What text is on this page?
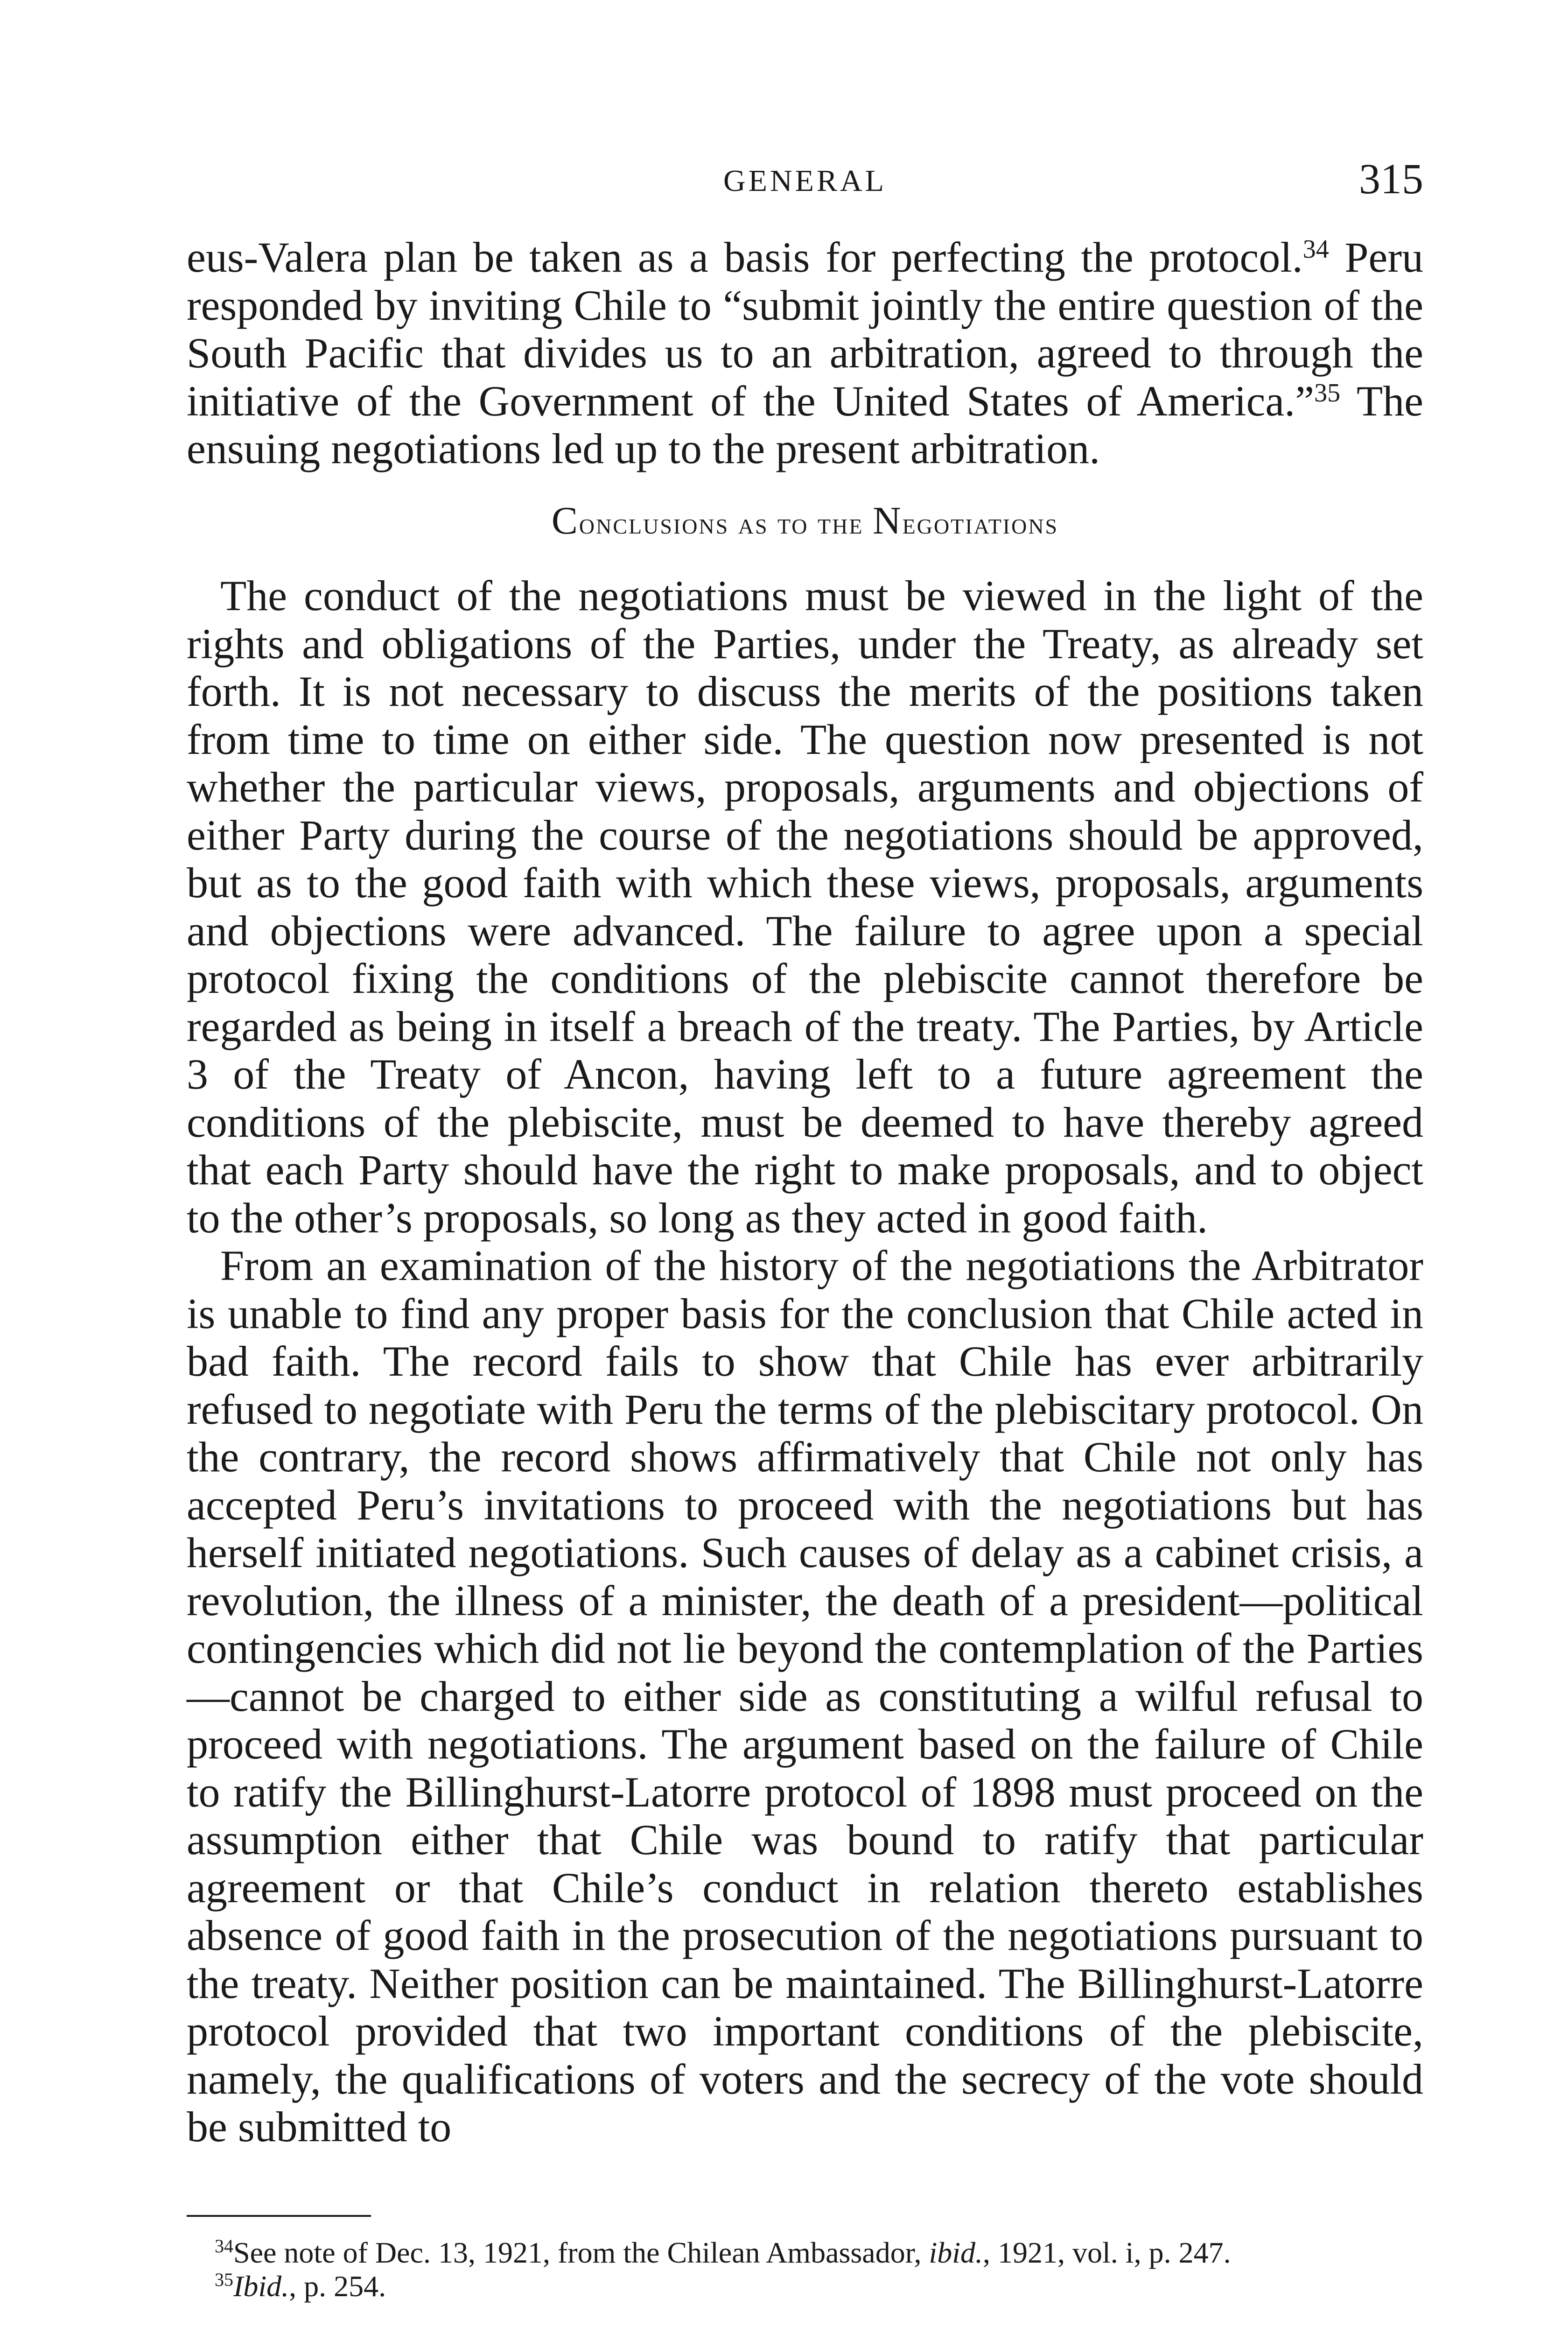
GENERAL	315

eus-Valera plan be taken as a basis for perfecting the protocol.$^{34}$ Peru responded by inviting Chile to “submit jointly the entire question of the South Pacific that divides us to an arbitration, agreed to through the initiative of the Government of the United States of America.”$^{35}$ The ensuing negotiations led up to the present arbitration.

Conclusions as to the Negotiations

The conduct of the negotiations must be viewed in the light of the rights and obligations of the Parties, under the Treaty, as already set forth. It is not necessary to discuss the merits of the positions taken from time to time on either side. The question now presented is not whether the particular views, proposals, arguments and objections of either Party during the course of the negotiations should be approved, but as to the good faith with which these views, proposals, arguments and objections were advanced. The failure to agree upon a special protocol fixing the conditions of the plebiscite cannot therefore be regarded as being in itself a breach of the treaty. The Parties, by Article 3 of the Treaty of Ancon, having left to a future agreement the conditions of the plebiscite, must be deemed to have thereby agreed that each Party should have the right to make proposals, and to object to the other’s proposals, so long as they acted in good faith.

From an examination of the history of the negotiations the Arbitrator is unable to find any proper basis for the conclusion that Chile acted in bad faith. The record fails to show that Chile has ever arbitrarily refused to negotiate with Peru the terms of the plebiscitary protocol. On the contrary, the record shows affirmatively that Chile not only has accepted Peru’s invitations to proceed with the negotiations but has herself initiated negotiations. Such causes of delay as a cabinet crisis, a revolution, the illness of a minister, the death of a president—political contingencies which did not lie beyond the contemplation of the Parties—cannot be charged to either side as constituting a wilful refusal to proceed with negotiations. The argument based on the failure of Chile to ratify the Billinghurst-Latorre protocol of 1898 must proceed on the assumption either that Chile was bound to ratify that particular agreement or that Chile’s conduct in relation thereto establishes absence of good faith in the prosecution of the negotiations pursuant to the treaty. Neither position can be maintained. The Billinghurst-Latorre protocol provided that two important conditions of the plebiscite, namely, the qualifications of voters and the secrecy of the vote should be submitted to

$^{34}$See note of Dec. 13, 1921, from the Chilean Ambassador, ibid., 1921, vol. i, p. 247.

$^{35}$Ibid., p. 254.
